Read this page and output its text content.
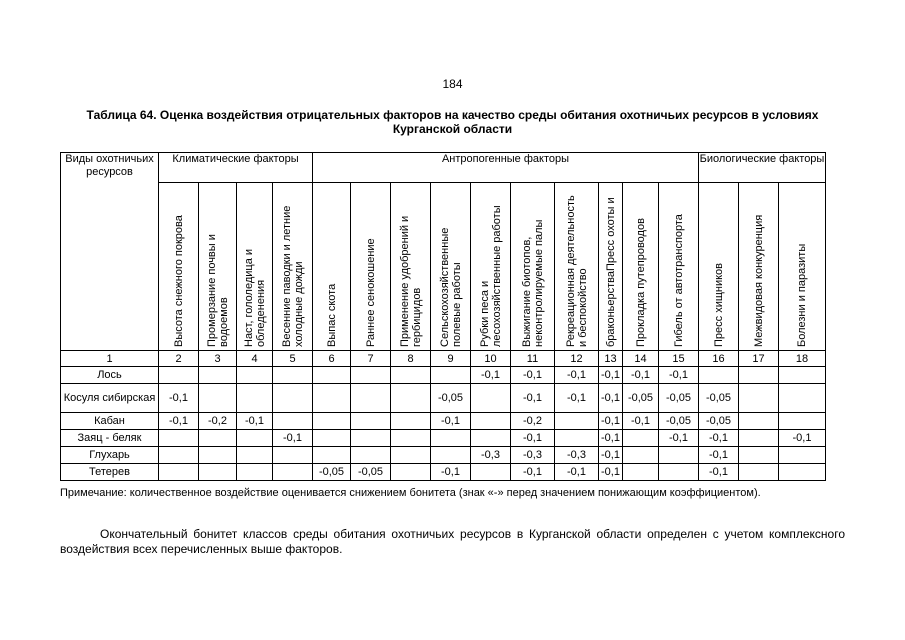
184
Таблица 64. Оценка воздействия отрицательных факторов на качество среды обитания охотничьих ресурсов в условиях Курганской области
Виды охотничьих ресурсов	Климатические факторы				Антропогенные факторы										Биологические факторы		

	Высота снежного покрова	Промерзание почвы и водоемов	Наст, гололедица и обледенения	Весенние паводки и летние холодные дожди	Выпас скота	Раннее сенокошение	Применение удобрений и гербицидов	Сельскохозяйственные полевые работы	Рубки песа и лесохозяйственные работы	Выжигание биотопов, неконтролируемые палы	Рекреационная деятельность и беспокойство	браконьерстваПресс охоты и	Прокладка путепроводов	Гибель от автотранспорта	Пресс хищников	Межвидовая конкуренция	Болезни и паразиты

1	2	3	4	5	6	7	8	9	10	11	12	13	14	15	16	17	18
Лось									-0,1	-0,1	-0,1	-0,1	-0,1	-0,1			
Косуля сибирская	-0,1							-0,05		-0,1	-0,1	-0,1	-0,05	-0,05	-0,05		
Кабан	-0,1	-0,2	-0,1					-0,1		-0,2		-0,1	-0,1	-0,05	-0,05		
Заяц - беляк				-0,1						-0,1		-0,1		-0,1	-0,1		-0,1
Глухарь									-0,3	-0,3	-0,3	-0,1			-0,1		
Тетерев					-0,05	-0,05		-0,1		-0,1	-0,1	-0,1			-0,1		
Примечание: количественное воздействие оценивается снижением бонитета (знак «-» перед значением понижающим коэффициентом).
Окончательный бонитет классов среды обитания охотничьих ресурсов в Курганской области определен с учетом комплексного воздействия всех перечисленных выше факторов.
